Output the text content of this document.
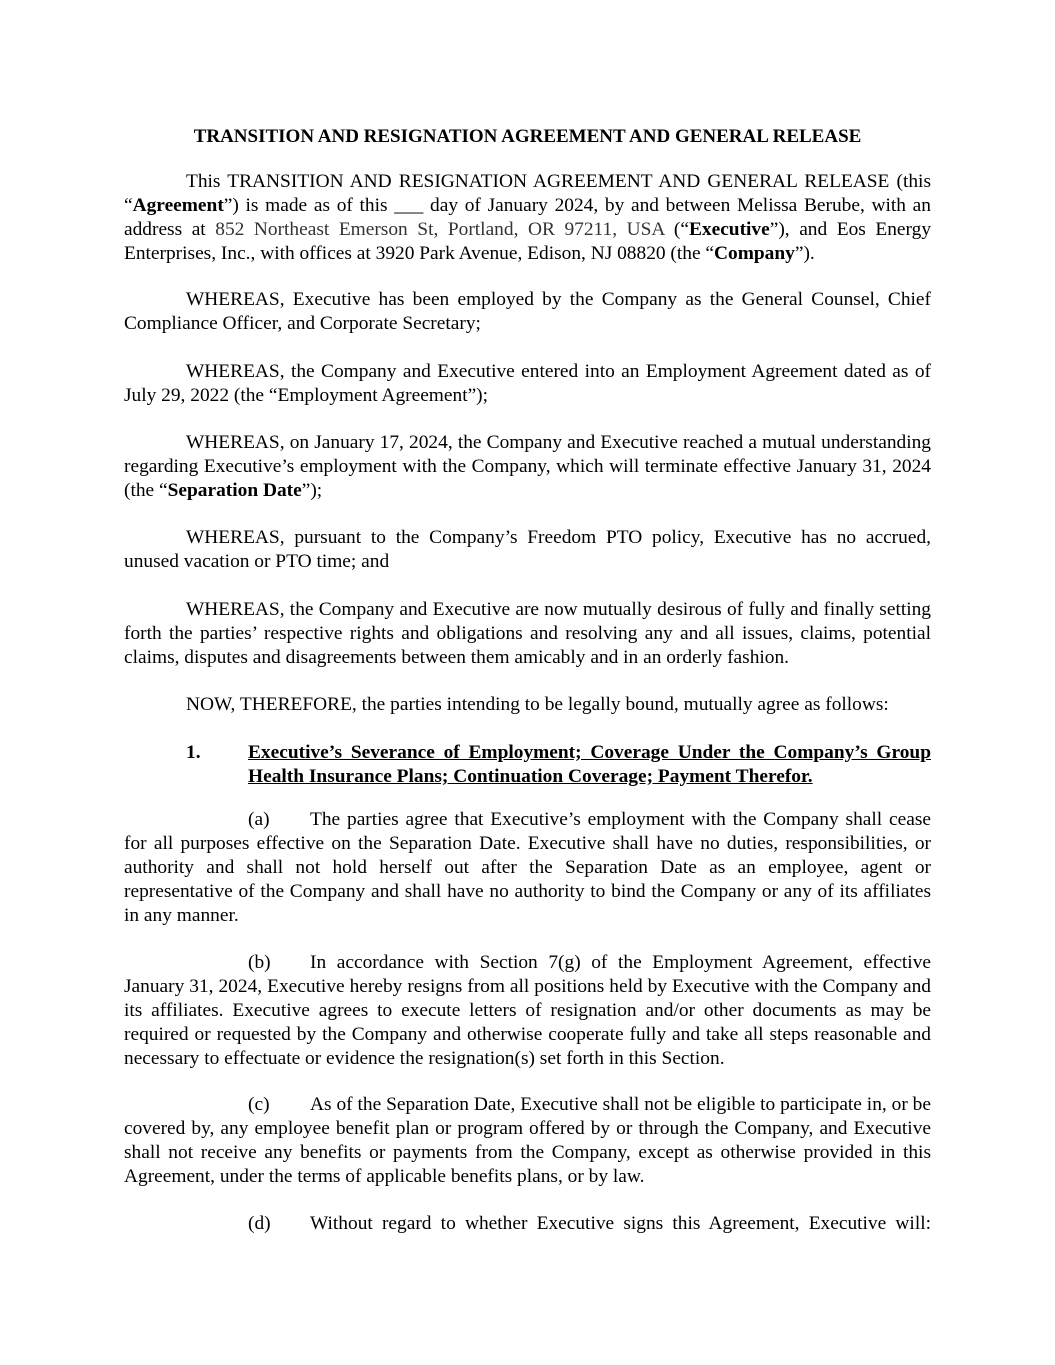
TRANSITION AND RESIGNATION AGREEMENT AND GENERAL RELEASE

This TRANSITION AND RESIGNATION AGREEMENT AND GENERAL RELEASE (this “Agreement”) is made as of this ___ day of January 2024, by and between Melissa Berube, with an address at 852 Northeast Emerson St, Portland, OR 97211, USA (“Executive”), and Eos Energy Enterprises, Inc., with offices at 3920 Park Avenue, Edison, NJ 08820 (the “Company”).

WHEREAS, Executive has been employed by the Company as the General Counsel, Chief Compliance Officer, and Corporate Secretary;

WHEREAS, the Company and Executive entered into an Employment Agreement dated as of July 29, 2022 (the “Employment Agreement”);

WHEREAS, on January 17, 2024, the Company and Executive reached a mutual understanding regarding Executive’s employment with the Company, which will terminate effective January 31, 2024 (the “Separation Date”);

WHEREAS, pursuant to the Company’s Freedom PTO policy, Executive has no accrued, unused vacation or PTO time; and

WHEREAS, the Company and Executive are now mutually desirous of fully and finally setting forth the parties’ respective rights and obligations and resolving any and all issues, claims, potential claims, disputes and disagreements between them amicably and in an orderly fashion.

NOW, THEREFORE, the parties intending to be legally bound, mutually agree as follows:

1. Executive’s Severance of Employment; Coverage Under the Company’s Group Health Insurance Plans; Continuation Coverage; Payment Therefor.

(a) The parties agree that Executive’s employment with the Company shall cease for all purposes effective on the Separation Date. Executive shall have no duties, responsibilities, or authority and shall not hold herself out after the Separation Date as an employee, agent or representative of the Company and shall have no authority to bind the Company or any of its affiliates in any manner.

(b) In accordance with Section 7(g) of the Employment Agreement, effective January 31, 2024, Executive hereby resigns from all positions held by Executive with the Company and its affiliates. Executive agrees to execute letters of resignation and/or other documents as may be required or requested by the Company and otherwise cooperate fully and take all steps reasonable and necessary to effectuate or evidence the resignation(s) set forth in this Section.

(c) As of the Separation Date, Executive shall not be eligible to participate in, or be covered by, any employee benefit plan or program offered by or through the Company, and Executive shall not receive any benefits or payments from the Company, except as otherwise provided in this Agreement, under the terms of applicable benefits plans, or by law.

(d) Without regard to whether Executive signs this Agreement, Executive will:
